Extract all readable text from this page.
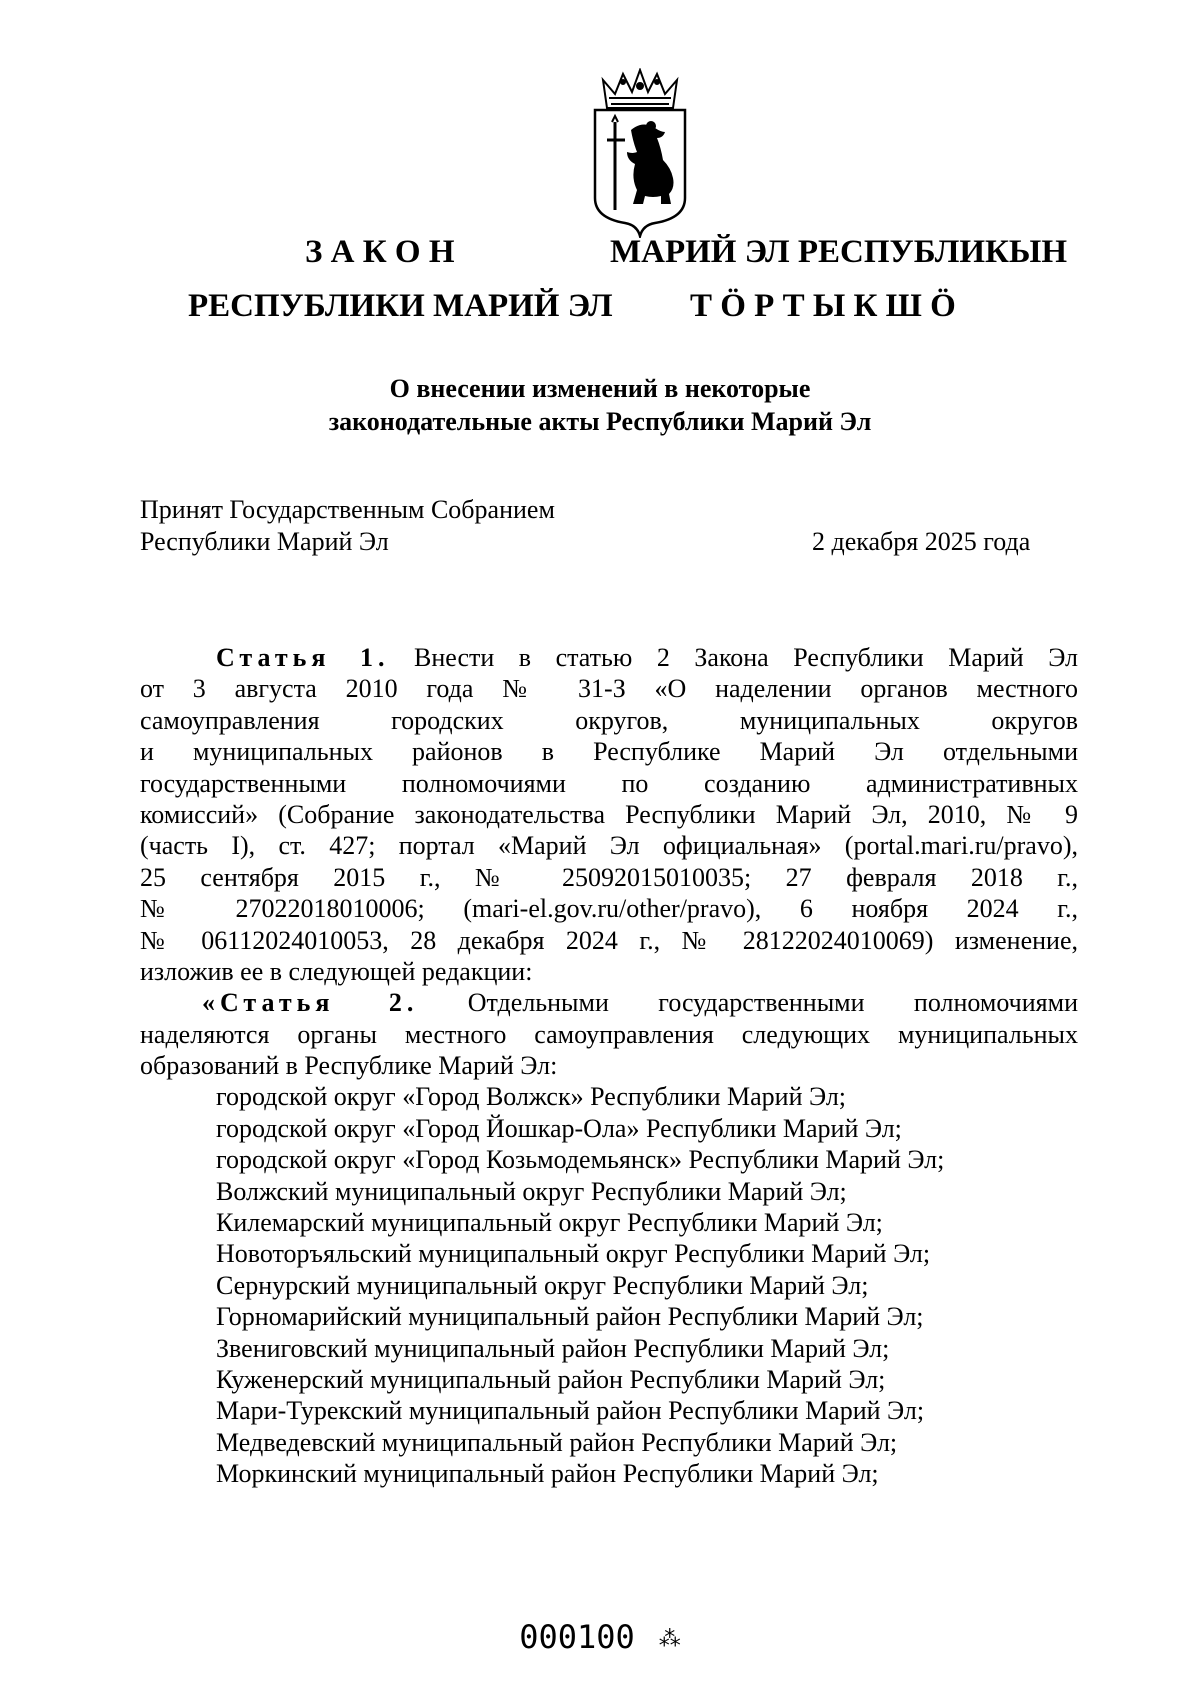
З А К О Н
РЕСПУБЛИКИ МАРИЙ ЭЛ
МАРИЙ ЭЛ РЕСПУБЛИКЫН
Т Ӧ Р Т Ы К Ш Ӧ
О внесении изменений в некоторые
законодательные акты Республики Марий Эл
Принят Государственным Собранием
Республики Марий Эл	2 декабря 2025 года
Статья 1. Внести в статью 2 Закона Республики Марий Эл
от 3 августа 2010 года № 31-З «О наделении органов местного
самоуправления городских округов, муниципальных округов
и муниципальных районов в Республике Марий Эл отдельными
государственными полномочиями по созданию административных
комиссий» (Собрание законодательства Республики Марий Эл, 2010, № 9
(часть I), ст. 427; портал «Марий Эл официальная» (portal.mari.ru/pravo),
25 сентября 2015 г., № 25092015010035; 27 февраля 2018 г.,
№ 27022018010006; (mari-el.gov.ru/other/pravo), 6 ноября 2024 г.,
№ 06112024010053, 28 декабря 2024 г., № 28122024010069) изменение,
изложив ее в следующей редакции:
«Статья 2. Отдельными государственными полномочиями
наделяются органы местного самоуправления следующих муниципальных
образований в Республике Марий Эл:
городской округ «Город Волжск» Республики Марий Эл;
городской округ «Город Йошкар-Ола» Республики Марий Эл;
городской округ «Город Козьмодемьянск» Республики Марий Эл;
Волжский муниципальный округ Республики Марий Эл;
Килемарский муниципальный округ Республики Марий Эл;
Новоторъяльский муниципальный округ Республики Марий Эл;
Сернурский муниципальный округ Республики Марий Эл;
Горномарийский муниципальный район Республики Марий Эл;
Звениговский муниципальный район Республики Марий Эл;
Куженерский муниципальный район Республики Марий Эл;
Мари-Турекский муниципальный район Республики Марий Эл;
Медведевский муниципальный район Республики Марий Эл;
Моркинский муниципальный район Республики Марий Эл;
000100 ⁂
